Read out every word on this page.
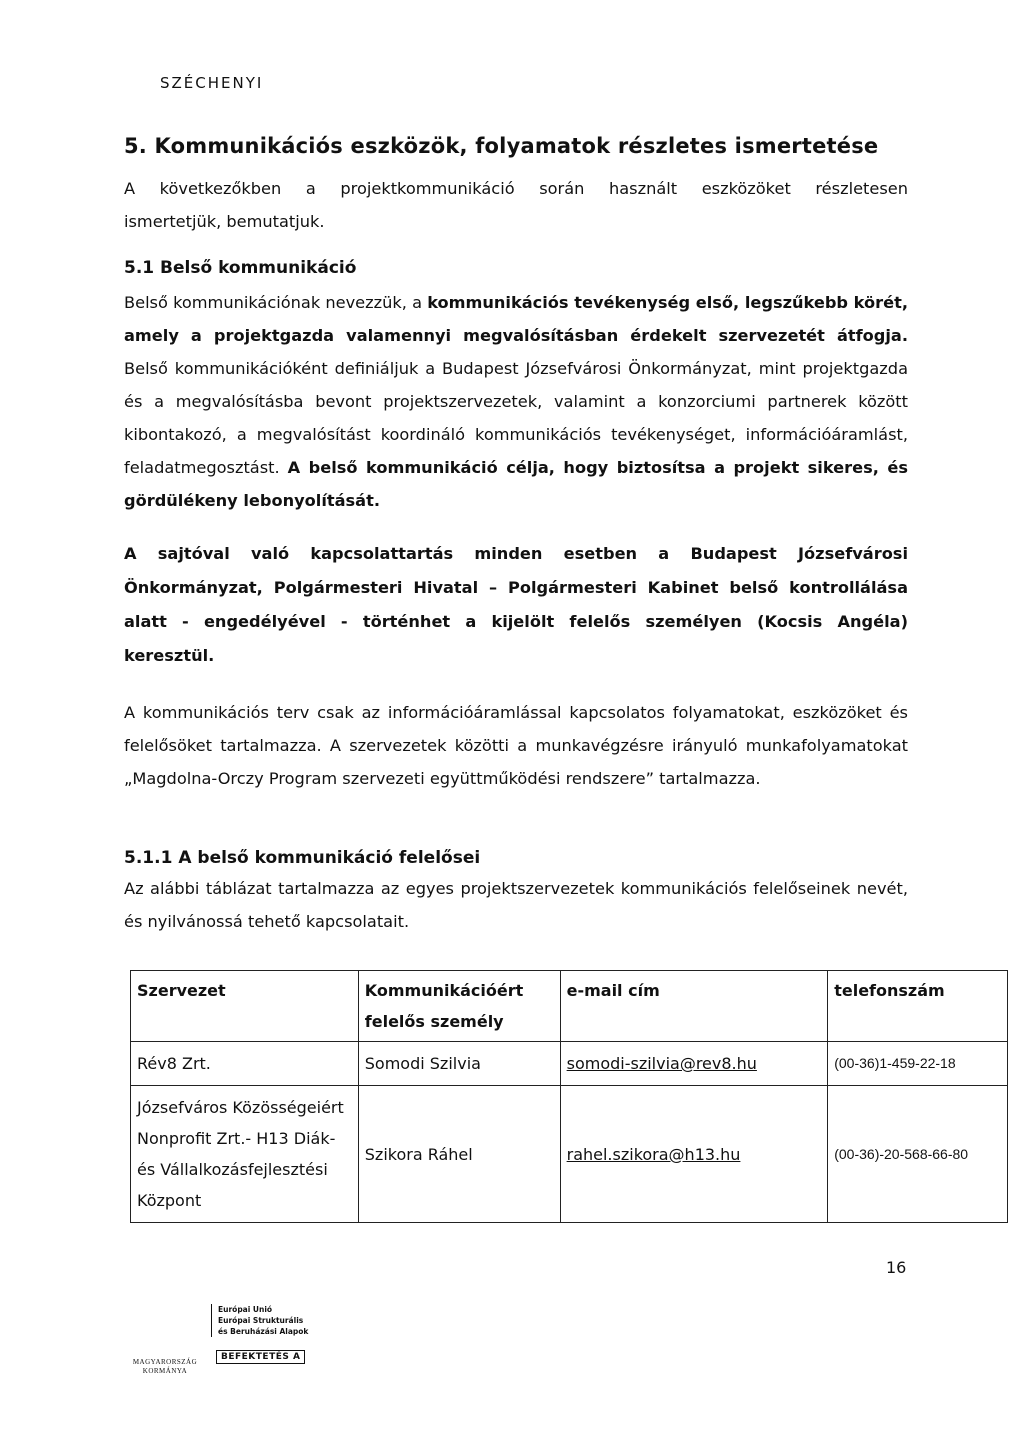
SZÉCHENYI
5. Kommunikációs eszközök, folyamatok részletes ismertetése

A következőkben a projektkommunikáció során használt eszközöket részletesen
ismertetjük, bemutatjuk.

5.1 Belső kommunikáció

Belső kommunikációnak nevezzük, a kommunikációs tevékenység első, legszűkebb körét, amely a projektgazda valamennyi megvalósításban érdekelt szervezetét átfogja. Belső kommunikációként definiáljuk a Budapest Józsefvárosi Önkormányzat, mint projektgazda és a megvalósításba bevont projektszervezetek, valamint a konzorciumi partnerek között kibontakozó, a megvalósítást koordináló kommunikációs tevékenységet, információáramlást, feladatmegosztást. A belső kommunikáció célja, hogy biztosítsa a projekt sikeres, és gördülékeny lebonyolítását.

A sajtóval való kapcsolattartás minden esetben a Budapest Józsefvárosi Önkormányzat, Polgármesteri Hivatal – Polgármesteri Kabinet belső kontrollálása alatt - engedélyével - történhet a kijelölt felelős személyen (Kocsis Angéla) keresztül.

A kommunikációs terv csak az információáramlással kapcsolatos folyamatokat, eszközöket és felelősöket tartalmazza. A szervezetek közötti a munkavégzésre irányuló munkafolyamatokat „Magdolna-Orczy Program szervezeti együttműködési rendszere” tartalmazza.

5.1.1 A belső kommunikáció felelősei

Az alábbi táblázat tartalmazza az egyes projektszervezetek kommunikációs felelőseinek nevét, és nyilvánossá tehető kapcsolatait.

Szervezet	Kommunikációért felelős személy	e-mail cím	telefonszám
Rév8 Zrt.	Somodi Szilvia	somodi-szilvia@rev8.hu	(00-36)1-459-22-18
Józsefváros Közösségeiért Nonprofit Zrt.- H13 Diák- és Vállalkozásfejlesztési Központ	Szikora Ráhel	rahel.szikora@h13.hu	(00-36)-20-568-66-80
16
MAGYARORSZÁG
KORMÁNYA
Európai Unió
Európai Strukturális
és Beruházási Alapok
BEFEKTETÉS A
